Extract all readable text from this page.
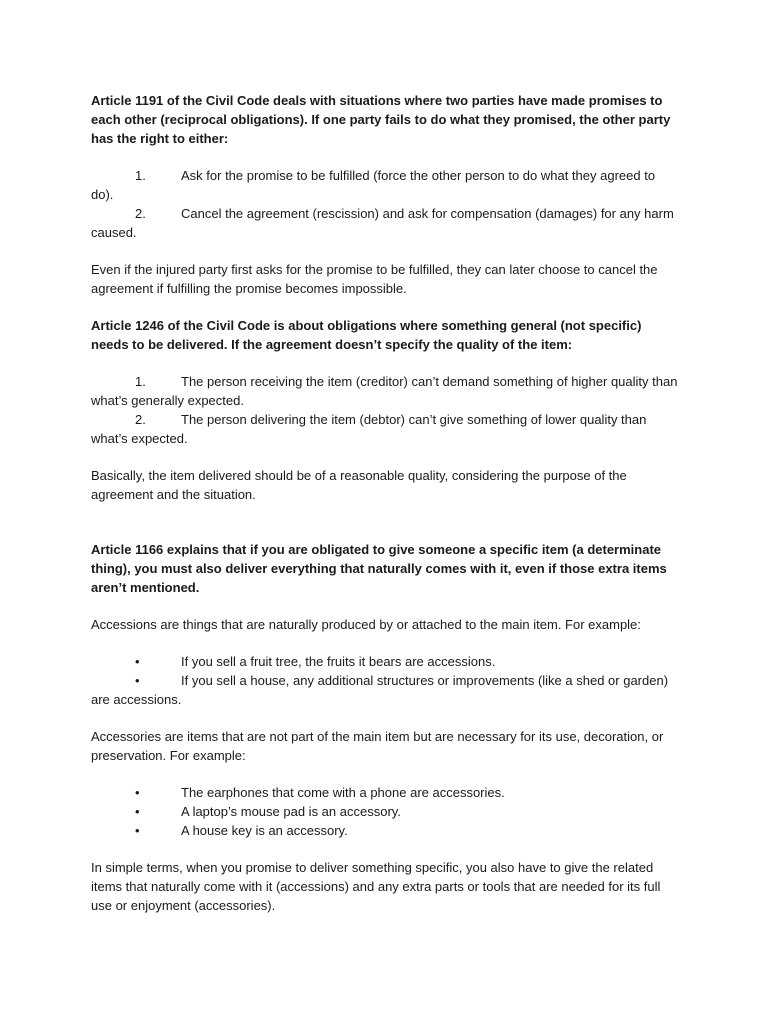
Article 1191 of the Civil Code deals with situations where two parties have made promises to each other (reciprocal obligations). If one party fails to do what they promised, the other party has the right to either:

1.	Ask for the promise to be fulfilled (force the other person to do what they agreed to do).

2.	Cancel the agreement (rescission) and ask for compensation (damages) for any harm caused.

Even if the injured party first asks for the promise to be fulfilled, they can later choose to cancel the agreement if fulfilling the promise becomes impossible.

Article 1246 of the Civil Code is about obligations where something general (not specific) needs to be delivered. If the agreement doesn’t specify the quality of the item:

1.	The person receiving the item (creditor) can’t demand something of higher quality than what’s generally expected.

2.	The person delivering the item (debtor) can’t give something of lower quality than what’s expected.

Basically, the item delivered should be of a reasonable quality, considering the purpose of the agreement and the situation.

Article 1166 explains that if you are obligated to give someone a specific item (a determinate thing), you must also deliver everything that naturally comes with it, even if those extra items aren’t mentioned.

Accessions are things that are naturally produced by or attached to the main item. For example:

•	If you sell a fruit tree, the fruits it bears are accessions.

•	If you sell a house, any additional structures or improvements (like a shed or garden) are accessions.

Accessories are items that are not part of the main item but are necessary for its use, decoration, or preservation. For example:

•	The earphones that come with a phone are accessories.

•	A laptop’s mouse pad is an accessory.

•	A house key is an accessory.

In simple terms, when you promise to deliver something specific, you also have to give the related items that naturally come with it (accessions) and any extra parts or tools that are needed for its full use or enjoyment (accessories).
